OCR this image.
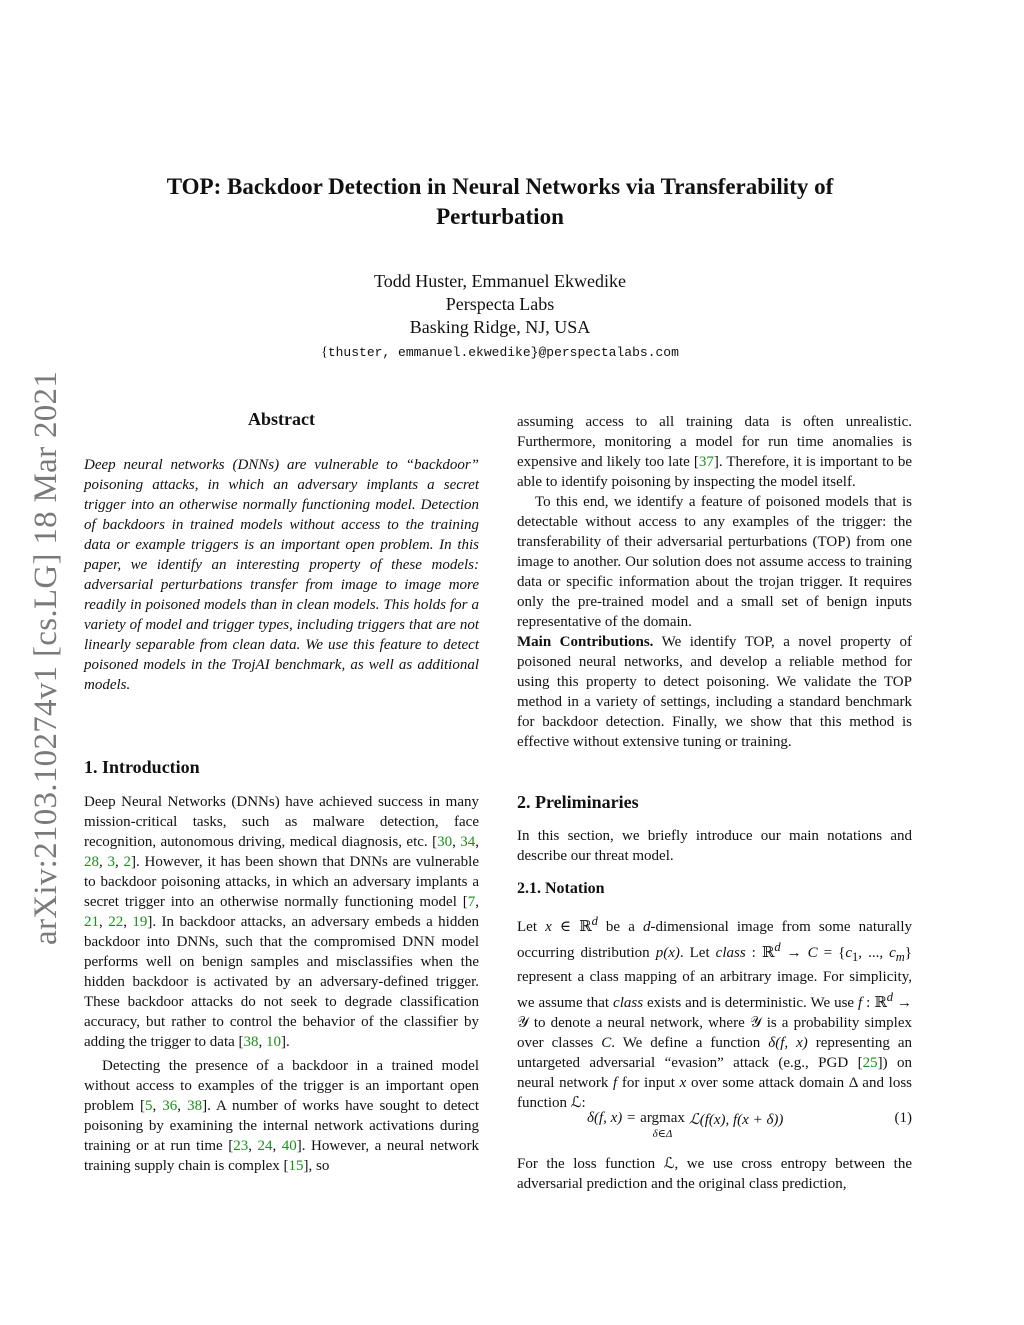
arXiv:2103.10274v1 [cs.LG] 18 Mar 2021
TOP: Backdoor Detection in Neural Networks via Transferability of Perturbation
Todd Huster, Emmanuel Ekwedike
Perspecta Labs
Basking Ridge, NJ, USA
{thuster, emmanuel.ekwedike}@perspectalabs.com
Abstract
Deep neural networks (DNNs) are vulnerable to “backdoor” poisoning attacks, in which an adversary implants a secret trigger into an otherwise normally functioning model. Detection of backdoors in trained models without access to the training data or example triggers is an important open problem. In this paper, we identify an interesting property of these models: adversarial perturbations transfer from image to image more readily in poisoned models than in clean models. This holds for a variety of model and trigger types, including triggers that are not linearly separable from clean data. We use this feature to detect poisoned models in the TrojAI benchmark, as well as additional models.
1. Introduction

Deep Neural Networks (DNNs) have achieved success in many mission-critical tasks, such as malware detection, face recognition, autonomous driving, medical diagnosis, etc. [30, 34, 28, 3, 2]. However, it has been shown that DNNs are vulnerable to backdoor poisoning attacks, in which an adversary implants a secret trigger into an otherwise normally functioning model [7, 21, 22, 19]. In backdoor attacks, an adversary embeds a hidden backdoor into DNNs, such that the compromised DNN model performs well on benign samples and misclassifies when the hidden backdoor is activated by an adversary-defined trigger. These backdoor attacks do not seek to degrade classification accuracy, but rather to control the behavior of the classifier by adding the trigger to data [38, 10].

Detecting the presence of a backdoor in a trained model without access to examples of the trigger is an important open problem [5, 36, 38]. A number of works have sought to detect poisoning by examining the internal network activations during training or at run time [23, 24, 40]. However, a neural network training supply chain is complex [15], so

assuming access to all training data is often unrealistic. Furthermore, monitoring a model for run time anomalies is expensive and likely too late [37]. Therefore, it is important to be able to identify poisoning by inspecting the model itself.

To this end, we identify a feature of poisoned models that is detectable without access to any examples of the trigger: the transferability of their adversarial perturbations (TOP) from one image to another. Our solution does not assume access to training data or specific information about the trojan trigger. It requires only the pre-trained model and a small set of benign inputs representative of the domain.

Main Contributions. We identify TOP, a novel property of poisoned neural networks, and develop a reliable method for using this property to detect poisoning. We validate the TOP method in a variety of settings, including a standard benchmark for backdoor detection. Finally, we show that this method is effective without extensive tuning or training.

2. Preliminaries
In this section, we briefly introduce our main notations and describe our threat model.
2.1. Notation
Let x ∈ ℝ$^d$ be a d-dimensional image from some naturally occurring distribution p(x). Let class : ℝ$^d$ → $C = \{c_1$, ..., $c_m$} represent a class mapping of an arbitrary image. For simplicity, we assume that class exists and is deterministic. We use f : ℝ$^d$ → 𝒴 to denote a neural network, where 𝒴 is a probability simplex over classes C. We define a function δ(f, x) representing an untargeted adversarial “evasion” attack (e.g., PGD [25]) on neural network f for input x over some attack domain Δ and loss function ℒ:
δ(f, x) = argmax
δ∈Δ
ℒ(f(x), f(x + δ))	(1)
For the loss function ℒ, we use cross entropy between the adversarial prediction and the original class prediction,
